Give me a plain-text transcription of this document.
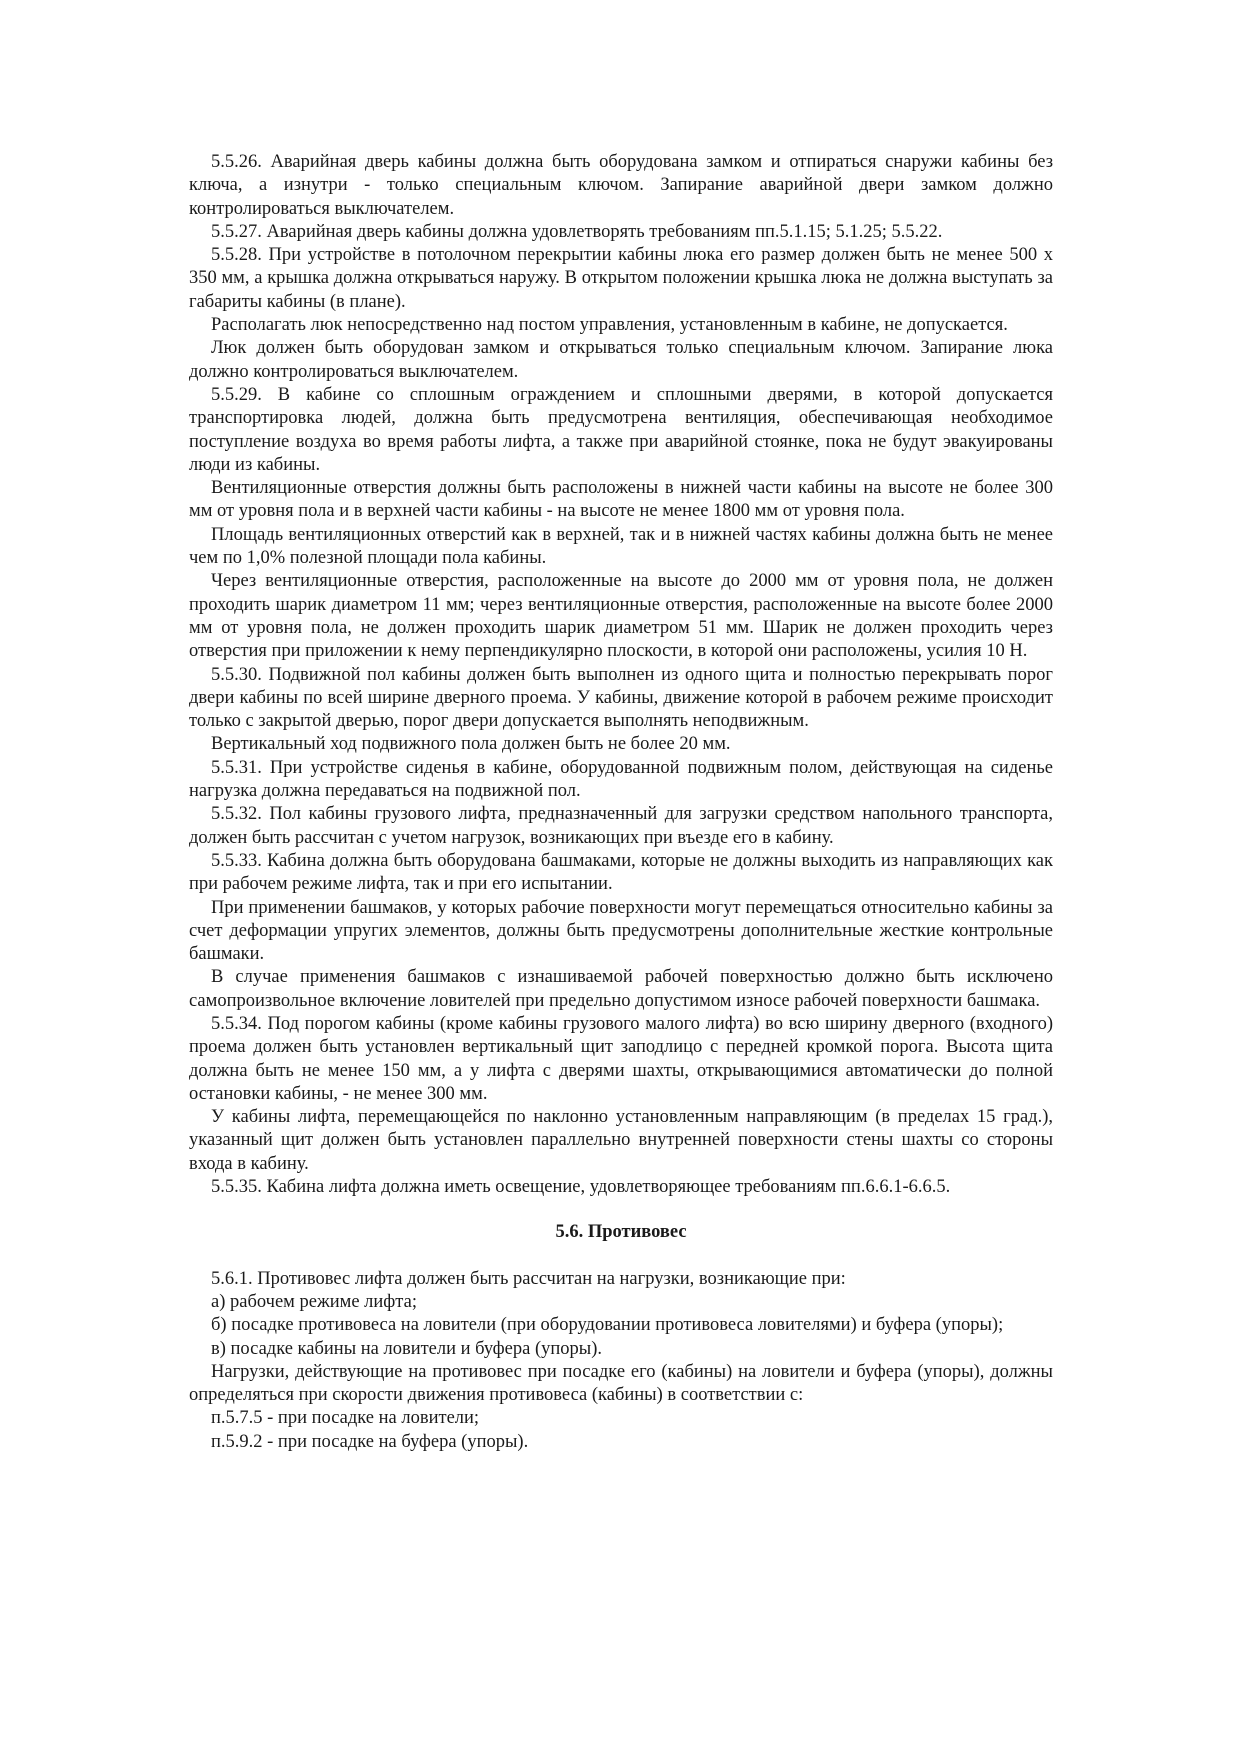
5.5.26. Аварийная дверь кабины должна быть оборудована замком и отпираться снаружи кабины без ключа, а изнутри - только специальным ключом. Запирание аварийной двери замком должно контролироваться выключателем.

5.5.27. Аварийная дверь кабины должна удовлетворять требованиям пп.5.1.15; 5.1.25; 5.5.22.

5.5.28. При устройстве в потолочном перекрытии кабины люка его размер должен быть не менее 500 х 350 мм, а крышка должна открываться наружу. В открытом положении крышка люка не должна выступать за габариты кабины (в плане).

Располагать люк непосредственно над постом управления, установленным в кабине, не допускается.

Люк должен быть оборудован замком и открываться только специальным ключом. Запирание люка должно контролироваться выключателем.

5.5.29. В кабине со сплошным ограждением и сплошными дверями, в которой допускается транспортировка людей, должна быть предусмотрена вентиляция, обеспечивающая необходимое поступление воздуха во время работы лифта, а также при аварийной стоянке, пока не будут эвакуированы люди из кабины.

Вентиляционные отверстия должны быть расположены в нижней части кабины на высоте не более 300 мм от уровня пола и в верхней части кабины - на высоте не менее 1800 мм от уровня пола.

Площадь вентиляционных отверстий как в верхней, так и в нижней частях кабины должна быть не менее чем по 1,0% полезной площади пола кабины.

Через вентиляционные отверстия, расположенные на высоте до 2000 мм от уровня пола, не должен проходить шарик диаметром 11 мм; через вентиляционные отверстия, расположенные на высоте более 2000 мм от уровня пола, не должен проходить шарик диаметром 51 мм. Шарик не должен проходить через отверстия при приложении к нему перпендикулярно плоскости, в которой они расположены, усилия 10 Н.

5.5.30. Подвижной пол кабины должен быть выполнен из одного щита и полностью перекрывать порог двери кабины по всей ширине дверного проема. У кабины, движение которой в рабочем режиме происходит только с закрытой дверью, порог двери допускается выполнять неподвижным.

Вертикальный ход подвижного пола должен быть не более 20 мм.

5.5.31. При устройстве сиденья в кабине, оборудованной подвижным полом, действующая на сиденье нагрузка должна передаваться на подвижной пол.

5.5.32. Пол кабины грузового лифта, предназначенный для загрузки средством напольного транспорта, должен быть рассчитан с учетом нагрузок, возникающих при въезде его в кабину.

5.5.33. Кабина должна быть оборудована башмаками, которые не должны выходить из направляющих как при рабочем режиме лифта, так и при его испытании.

При применении башмаков, у которых рабочие поверхности могут перемещаться относительно кабины за счет деформации упругих элементов, должны быть предусмотрены дополнительные жесткие контрольные башмаки.

В случае применения башмаков с изнашиваемой рабочей поверхностью должно быть исключено самопроизвольное включение ловителей при предельно допустимом износе рабочей поверхности башмака.

5.5.34. Под порогом кабины (кроме кабины грузового малого лифта) во всю ширину дверного (входного) проема должен быть установлен вертикальный щит заподлицо с передней кромкой порога. Высота щита должна быть не менее 150 мм, а у лифта с дверями шахты, открывающимися автоматически до полной остановки кабины, - не менее 300 мм.

У кабины лифта, перемещающейся по наклонно установленным направляющим (в пределах 15 град.), указанный щит должен быть установлен параллельно внутренней поверхности стены шахты со стороны входа в кабину.

5.5.35. Кабина лифта должна иметь освещение, удовлетворяющее требованиям пп.6.6.1-6.6.5.

5.6. Противовес

5.6.1. Противовес лифта должен быть рассчитан на нагрузки, возникающие при:

а) рабочем режиме лифта;

б) посадке противовеса на ловители (при оборудовании противовеса ловителями) и буфера (упоры);

в) посадке кабины на ловители и буфера (упоры).

Нагрузки, действующие на противовес при посадке его (кабины) на ловители и буфера (упоры), должны определяться при скорости движения противовеса (кабины) в соответствии с:

п.5.7.5 - при посадке на ловители;

п.5.9.2 - при посадке на буфера (упоры).
